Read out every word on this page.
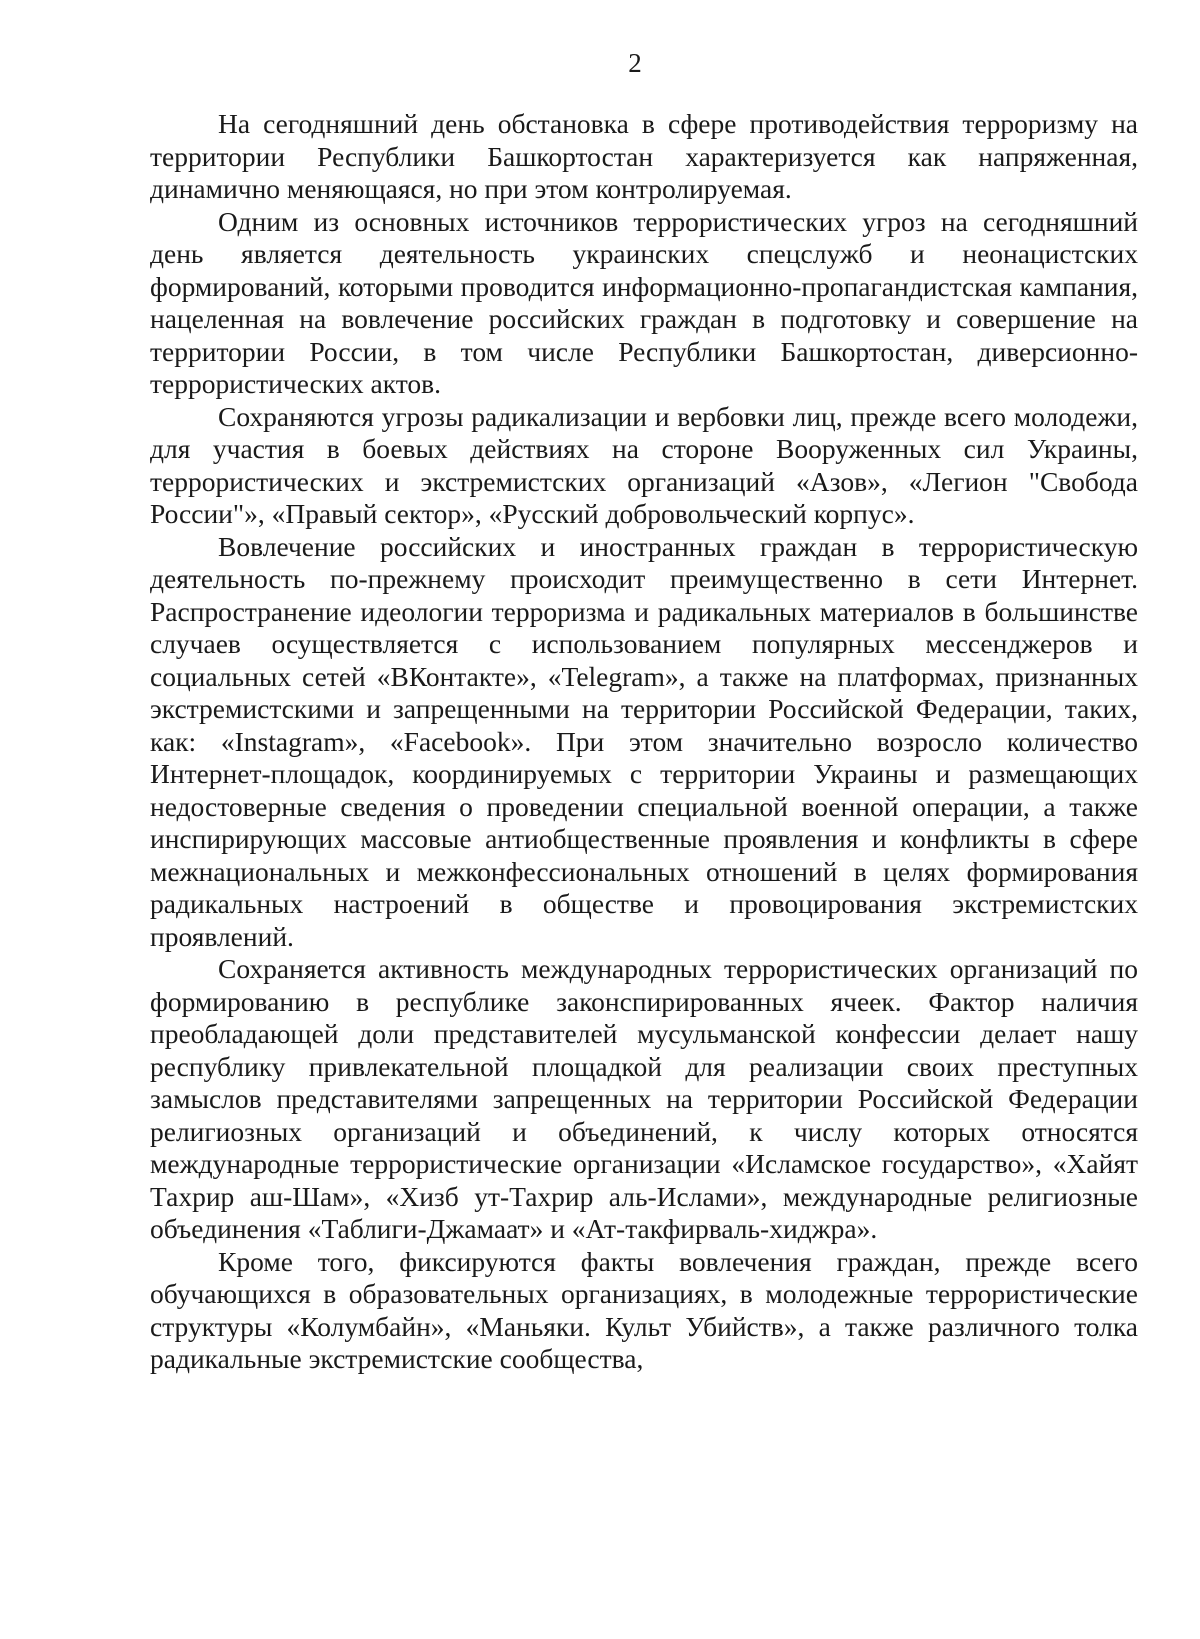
2

На сегодняшний день обстановка в сфере противодействия терроризму на территории Республики Башкортостан характеризуется как напряженная, динамично меняющаяся, но при этом контролируемая.

Одним из основных источников террористических угроз на сегодняшний день является деятельность украинских спецслужб и неонацистских формирований, которыми проводится информационно-пропагандистская кампания, нацеленная на вовлечение российских граждан в подготовку и совершение на территории России, в том числе Республики Башкортостан, диверсионно-террористических актов.

Сохраняются угрозы радикализации и вербовки лиц, прежде всего молодежи, для участия в боевых действиях на стороне Вооруженных сил Украины, террористических и экстремистских организаций «Азов», «Легион "Свобода России"», «Правый сектор», «Русский добровольческий корпус».

Вовлечение российских и иностранных граждан в террористическую деятельность по-прежнему происходит преимущественно в сети Интернет. Распространение идеологии терроризма и радикальных материалов в большинстве случаев осуществляется с использованием популярных мессенджеров и социальных сетей «ВКонтакте», «Telegram», а также на платформах, признанных экстремистскими и запрещенными на территории Российской Федерации, таких, как: «Instagram», «Facebook». При этом значительно возросло количество Интернет-площадок, координируемых с территории Украины и размещающих недостоверные сведения о проведении специальной военной операции, а также инспирирующих массовые антиобщественные проявления и конфликты в сфере межнациональных и межконфессиональных отношений в целях формирования радикальных настроений в обществе и провоцирования экстремистских проявлений.

Сохраняется активность международных террористических организаций по формированию в республике законспирированных ячеек. Фактор наличия преобладающей доли представителей мусульманской конфессии делает нашу республику привлекательной площадкой для реализации своих преступных замыслов представителями запрещенных на территории Российской Федерации религиозных организаций и объединений, к числу которых относятся международные террористические организации «Исламское государство», «Хайят Тахрир аш-Шам», «Хизб ут-Тахрир аль-Ислами», международные религиозные объединения «Таблиги-Джамаат» и «Ат-такфирваль-хиджра».

Кроме того, фиксируются факты вовлечения граждан, прежде всего обучающихся в образовательных организациях, в молодежные террористические структуры «Колумбайн», «Маньяки. Культ Убийств», а также различного толка радикальные экстремистские сообщества,
